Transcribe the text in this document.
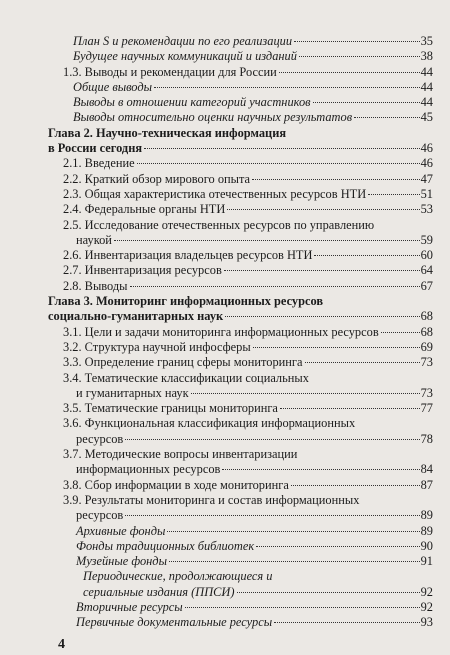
План S и рекомендации по его реализации	35
Будущее научных коммуникаций и изданий	38
1.3. Выводы и рекомендации для России	44
Общие выводы	44
Выводы в отношении категорий участников	44
Выводы относительно оценки научных результатов	45
Глава 2. Научно-техническая информация
в России сегодня	46
2.1. Введение	46
2.2. Краткий обзор мирового опыта	47
2.3. Общая характеристика отечественных ресурсов НТИ	51
2.4. Федеральные органы НТИ	53
2.5. Исследование отечественных ресурсов по управлению
наукой	59
2.6. Инвентаризация владельцев ресурсов НТИ	60
2.7. Инвентаризация ресурсов	64
2.8. Выводы	67
Глава 3. Мониторинг информационных ресурсов
социально-гуманитарных наук	68
3.1. Цели и задачи мониторинга информационных ресурсов	68
3.2. Структура научной инфосферы	69
3.3. Определение границ сферы мониторинга	73
3.4. Тематические классификации социальных
и гуманитарных наук	73
3.5. Тематические границы мониторинга	77
3.6. Функциональная классификация информационных
ресурсов	78
3.7. Методические вопросы инвентаризации
информационных ресурсов	84
3.8. Сбор информации в ходе мониторинга	87
3.9. Результаты мониторинга и состав информационных
ресурсов	89
Архивные фонды	89
Фонды традиционных библиотек	90
Музейные фонды	91
Периодические, продолжающиеся и
сериальные издания (ППСИ)	92
Вторичные ресурсы	92
Первичные документальные ресурсы	93
4
